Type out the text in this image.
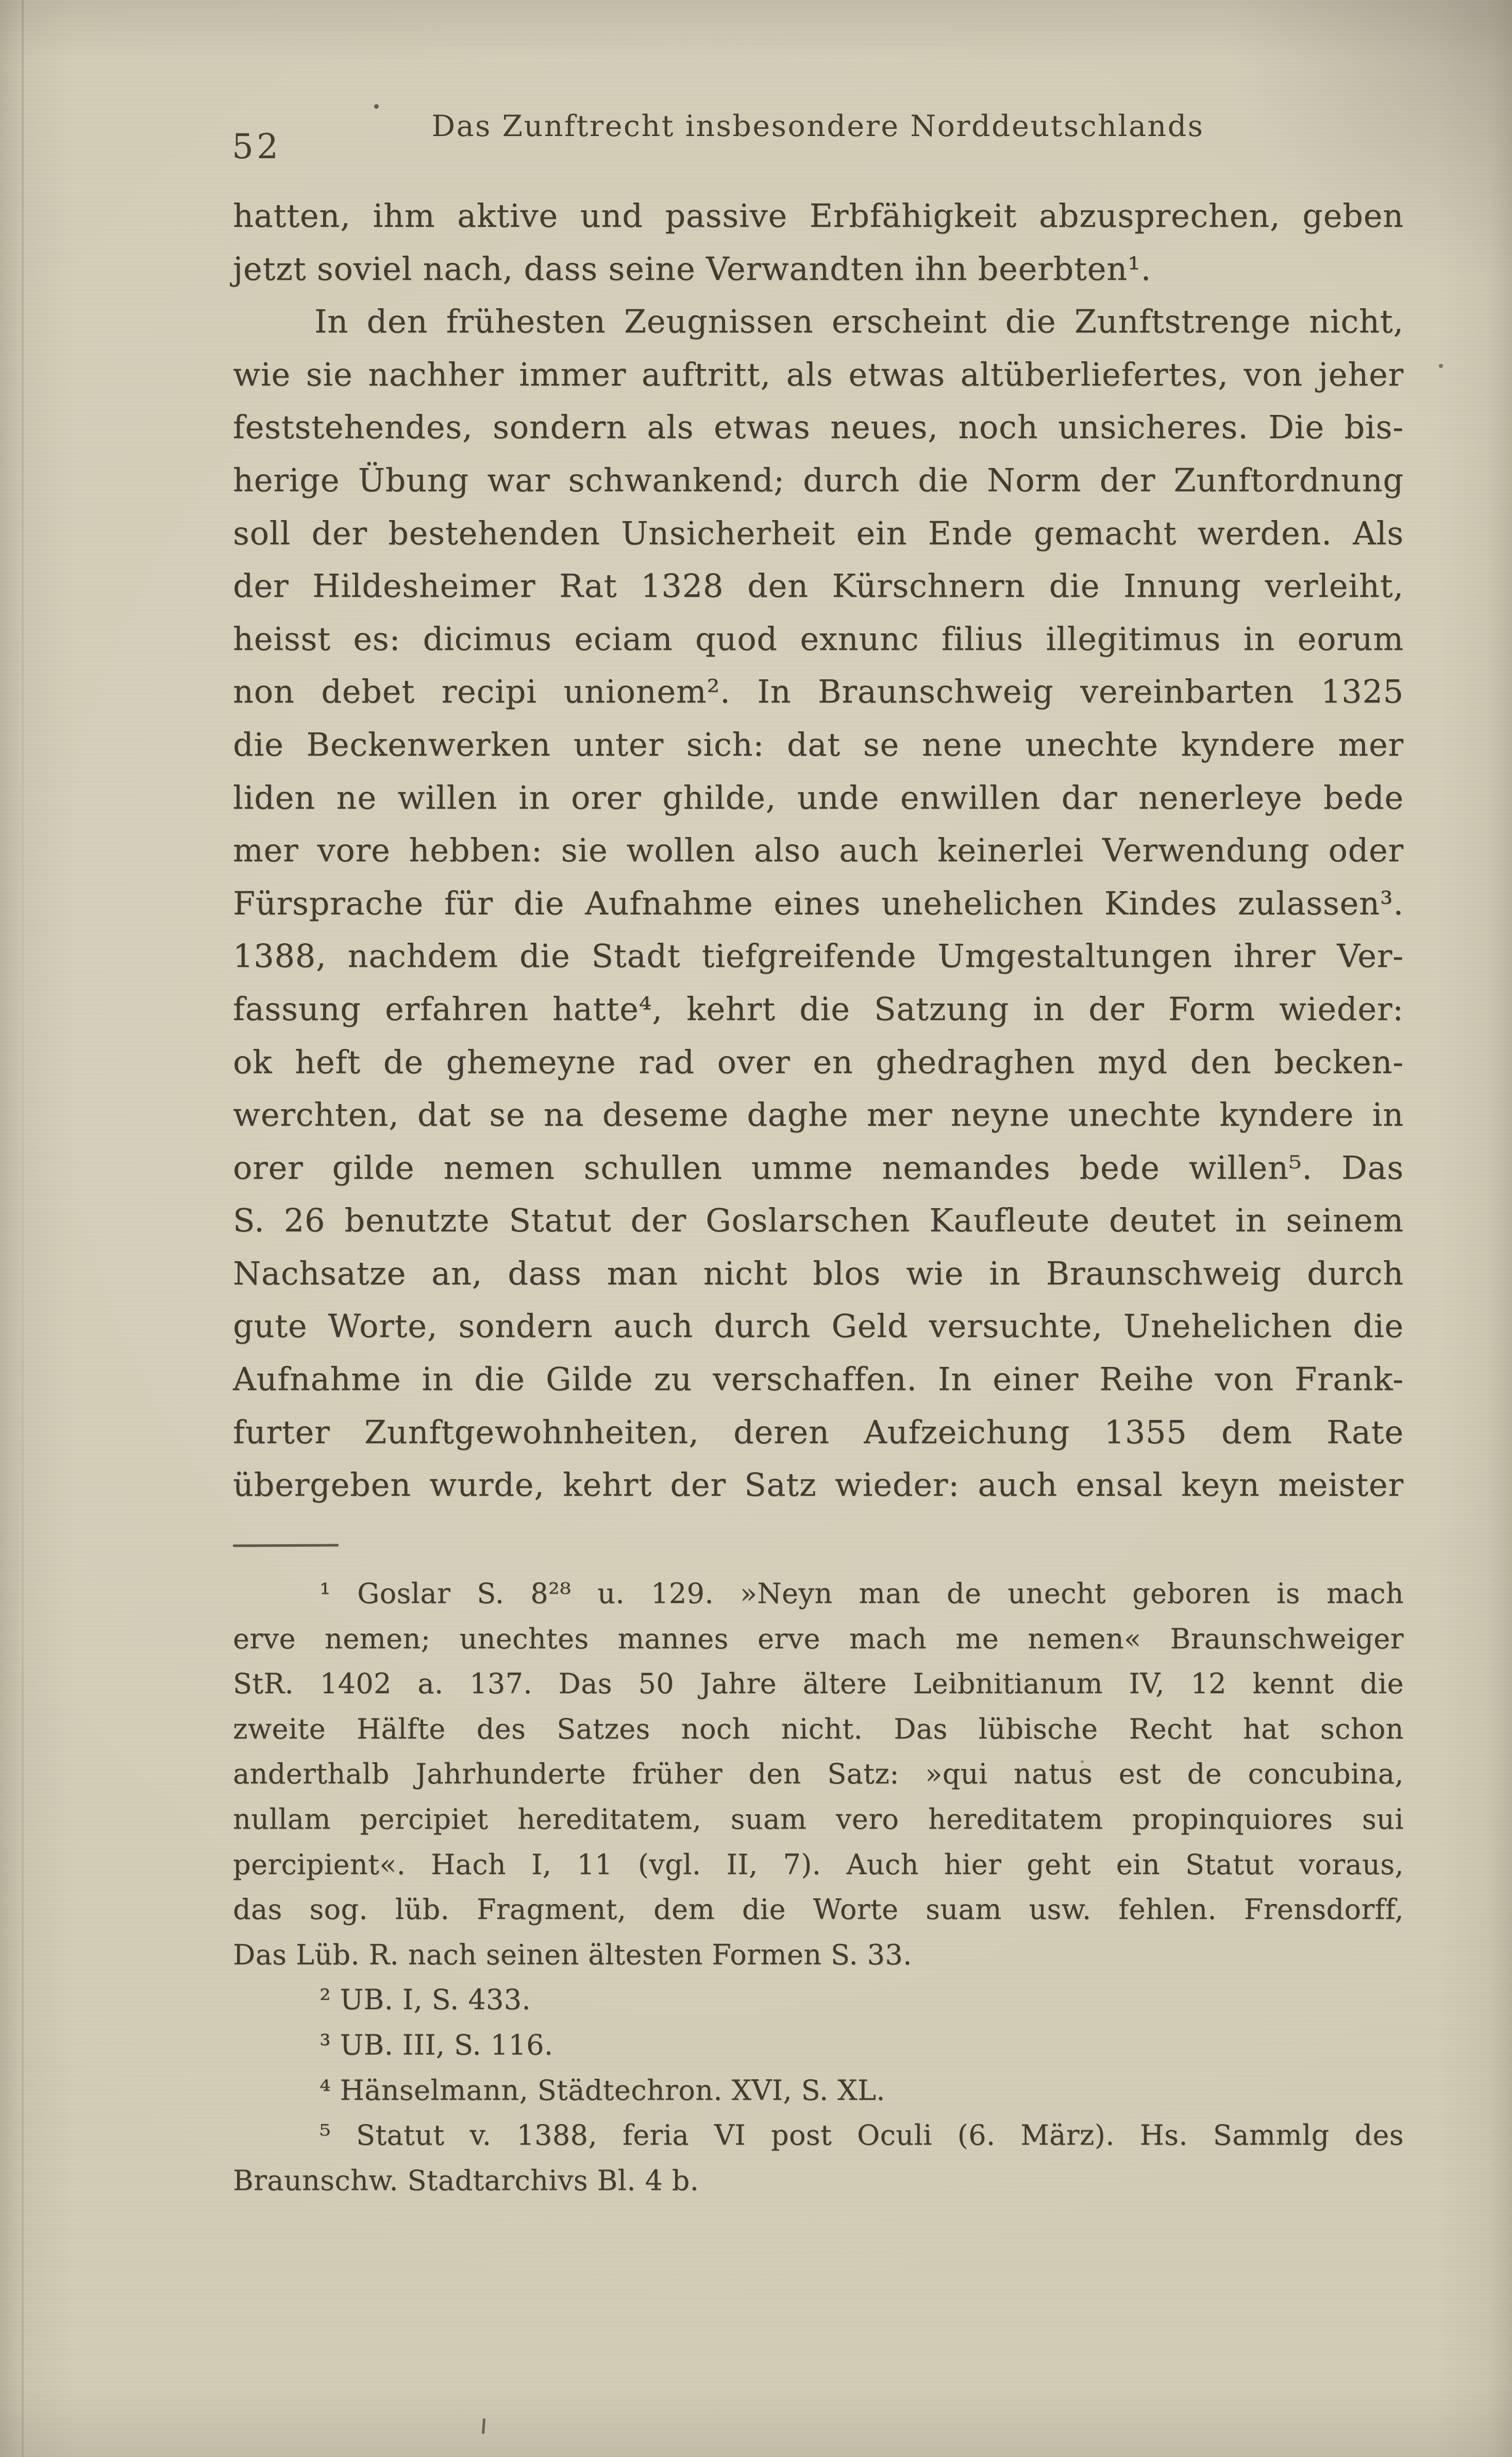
52
Das Zunftrecht insbesondere Norddeutschlands

hatten, ihm aktive und passive Erbfähigkeit abzusprechen, geben

jetzt soviel nach, dass seine Verwandten ihn beerbten¹.

In den frühesten Zeugnissen erscheint die Zunftstrenge nicht,

wie sie nachher immer auftritt, als etwas altüberliefertes, von jeher

feststehendes, sondern als etwas neues, noch unsicheres. Die bis-

herige Übung war schwankend; durch die Norm der Zunftordnung

soll der bestehenden Unsicherheit ein Ende gemacht werden. Als

der Hildesheimer Rat 1328 den Kürschnern die Innung verleiht,

heisst es: dicimus eciam quod exnunc filius illegitimus in eorum

non debet recipi unionem². In Braunschweig vereinbarten 1325

die Beckenwerken unter sich: dat se nene unechte kyndere mer

liden ne willen in orer ghilde, unde enwillen dar nenerleye bede

mer vore hebben: sie wollen also auch keinerlei Verwendung oder

Fürsprache für die Aufnahme eines unehelichen Kindes zulassen³.

1388, nachdem die Stadt tiefgreifende Umgestaltungen ihrer Ver-

fassung erfahren hatte⁴, kehrt die Satzung in der Form wieder:

ok heft de ghemeyne rad over en ghedraghen myd den becken-

werchten, dat se na deseme daghe mer neyne unechte kyndere in

orer gilde nemen schullen umme nemandes bede willen⁵. Das

S. 26 benutzte Statut der Goslarschen Kaufleute deutet in seinem

Nachsatze an, dass man nicht blos wie in Braunschweig durch

gute Worte, sondern auch durch Geld versuchte, Unehelichen die

Aufnahme in die Gilde zu verschaffen. In einer Reihe von Frank-

furter Zunftgewohnheiten, deren Aufzeichung 1355 dem Rate

übergeben wurde, kehrt der Satz wieder: auch ensal keyn meister

¹ Goslar S. 8²⁸ u. 129. »Neyn man de unecht geboren is mach

erve nemen; unechtes mannes erve mach me nemen« Braunschweiger

StR. 1402 a. 137. Das 50 Jahre ältere Leibnitianum IV, 12 kennt die

zweite Hälfte des Satzes noch nicht. Das lübische Recht hat schon

anderthalb Jahrhunderte früher den Satz: »qui natus est de concubina,

nullam percipiet hereditatem, suam vero hereditatem propinquiores sui

percipient«. Hach I, 11 (vgl. II, 7). Auch hier geht ein Statut voraus,

das sog. lüb. Fragment, dem die Worte suam usw. fehlen. Frensdorff,

Das Lüb. R. nach seinen ältesten Formen S. 33.

² UB. I, S. 433.

³ UB. III, S. 116.

⁴ Hänselmann, Städtechron. XVI, S. XL.

⁵ Statut v. 1388, feria VI post Oculi (6. März). Hs. Sammlg des

Braunschw. Stadtarchivs Bl. 4 b.
